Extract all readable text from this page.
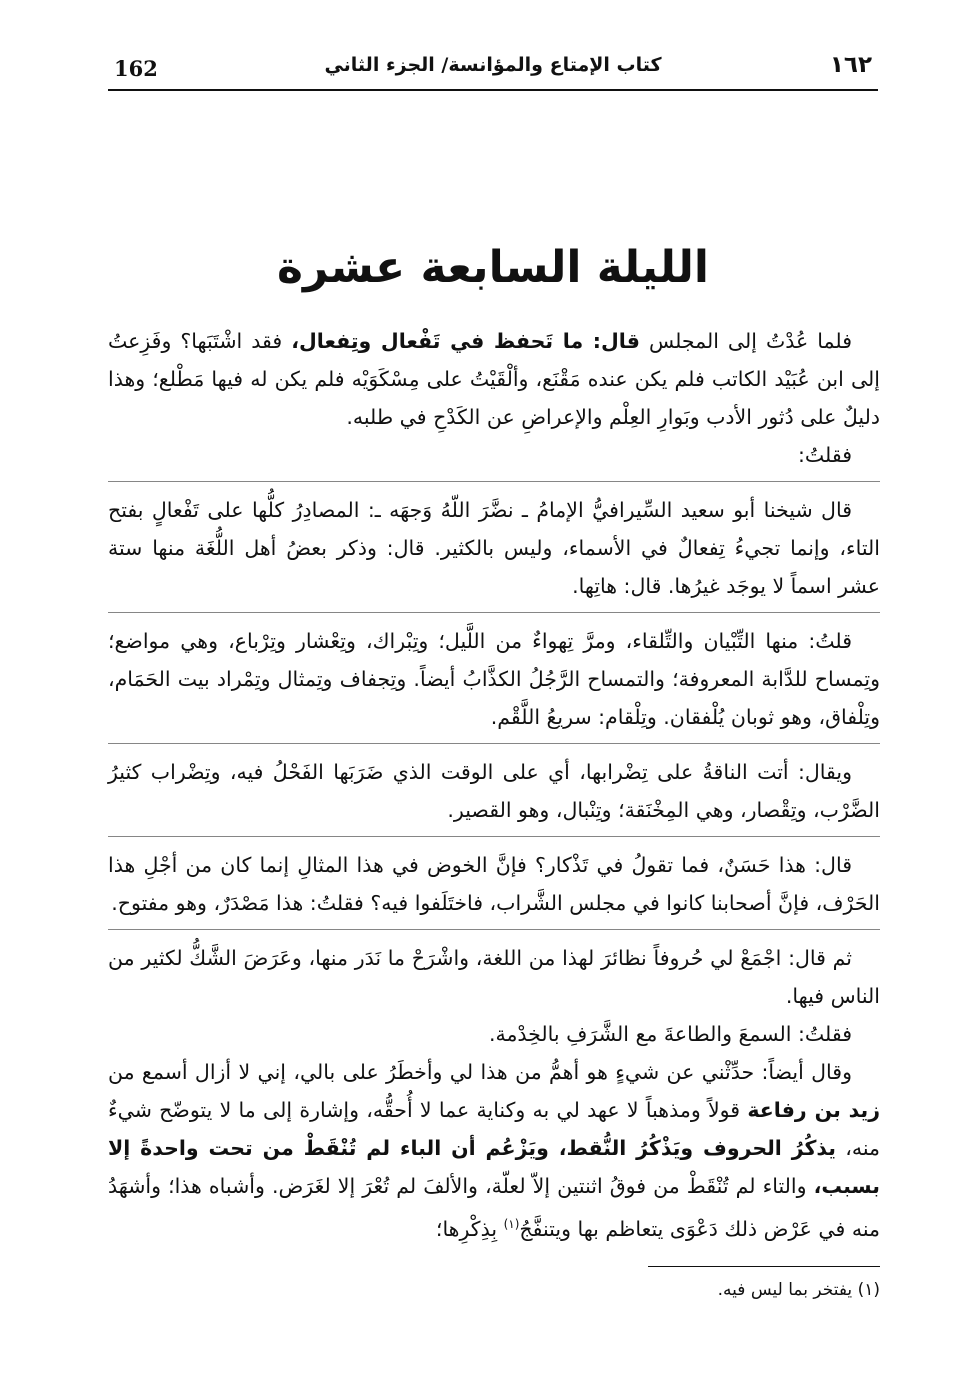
162	كتاب الإمتاع والمؤانسة/ الجزء الثاني	١٦٢
الليلة السابعة عشرة

فلما عُدْتُ إلى المجلس قال: ما تَحفظ في تَفْعال وتِفعال، فقد اشْتَبَها؟ وفَزِعتُ إلى ابن عُبَيْد الكاتب فلم يكن عنده مَقْنَع، وألْقَيْتُ على مِسْكَوَيْه فلم يكن له فيها مَطْلع؛ وهذا دليلٌ على دُثور الأدب وبَوارِ العِلْم والإعراضِ عن الكَدْحِ في طلبه.

فقلتُ:

قال شيخنا أبو سعيد السِّيرافيُّ الإمامُ ـ نضَّرَ اللّهُ وَجهَه ـ: المصادِرُ كلُّها على تَفْعالٍ بفتح التاء، وإنما تجيءُ تِفعالٌ في الأسماء، وليس بالكثير. قال: وذكر بعضُ أهل اللُّغَة منها ستة عشر اسماً لا يوجَد غيرُها. قال: هاتِها.

قلتُ: منها التِّبْيان والتِّلقاء، ومرَّ تِهواءٌ من اللَّيل؛ وتِبْراك، وتِعْشار وتِرْباع، وهي مواضع؛ وتِمساح للدَّابة المعروفة؛ والتمساح الرَّجُلُ الكذَّابُ أيضاً. وتِجفاف وتِمثال وتِمْراد بيت الحَمَام، وتِلْفاق، وهو ثوبان يُلْفقان. وتِلْقام: سريعُ اللَّقْم.

ويقال: أتت الناقةُ على تِضْرابها، أي على الوقت الذي ضَرَبَها الفَحْلُ فيه، وتِضْراب كثيرُ الضَّرْب، وتِقْصار، وهي المِخْنَقة؛ وتِنْبال، وهو القصير.

قال: هذا حَسَنٌ، فما تقولُ في تَذْكار؟ فإنَّ الخوض في هذا المثالِ إنما كان من أجْلِ هذا الحَرْف، فإنَّ أصحابنا كانوا في مجلس الشَّراب، فاختَلَفوا فيه؟ فقلتُ: هذا مَصْدَرٌ، وهو مفتوح.

ثم قال: اجْمَعْ لي حُروفاً نظائرَ لهذا من اللغة، واشْرَحْ ما نَدَر منها، وعَرَضَ الشَّكُّ لكثير من الناس فيها.

فقلتُ: السمعَ والطاعةَ مع الشَّرَفِ بالخِدْمة.

وقال أيضاً: حدِّثْني عن شيءٍ هو أهمُّ من هذا لي وأخطَرُ على بالي، إني لا أزال أسمع من زيد بن رفاعة قولاً ومذهباً لا عهد لي به وكناية عما لا أُحقُّه، وإشارة إلى ما لا يتوضّح شيءٌ منه، يذكُرُ الحروف ويَذْكُرُ النُّقط، ويَزْعُم أن الباء لم تُنْقَطْ من تحت واحدةً إلا بسبب، والتاء لم تُنْقَطْ من فوقُ اثنتين إلاّ لعلّة، والألفَ لم تُعْرَ إلا لغَرَض. وأشباه هذا؛ وأشهَدُ منه في عَرْض ذلك دَعْوَى يتعاظم بها ويتنفَّجُ$^{(١)}$ بِذِكْرِها؛

(١) يفتخر بما ليس فيه.
